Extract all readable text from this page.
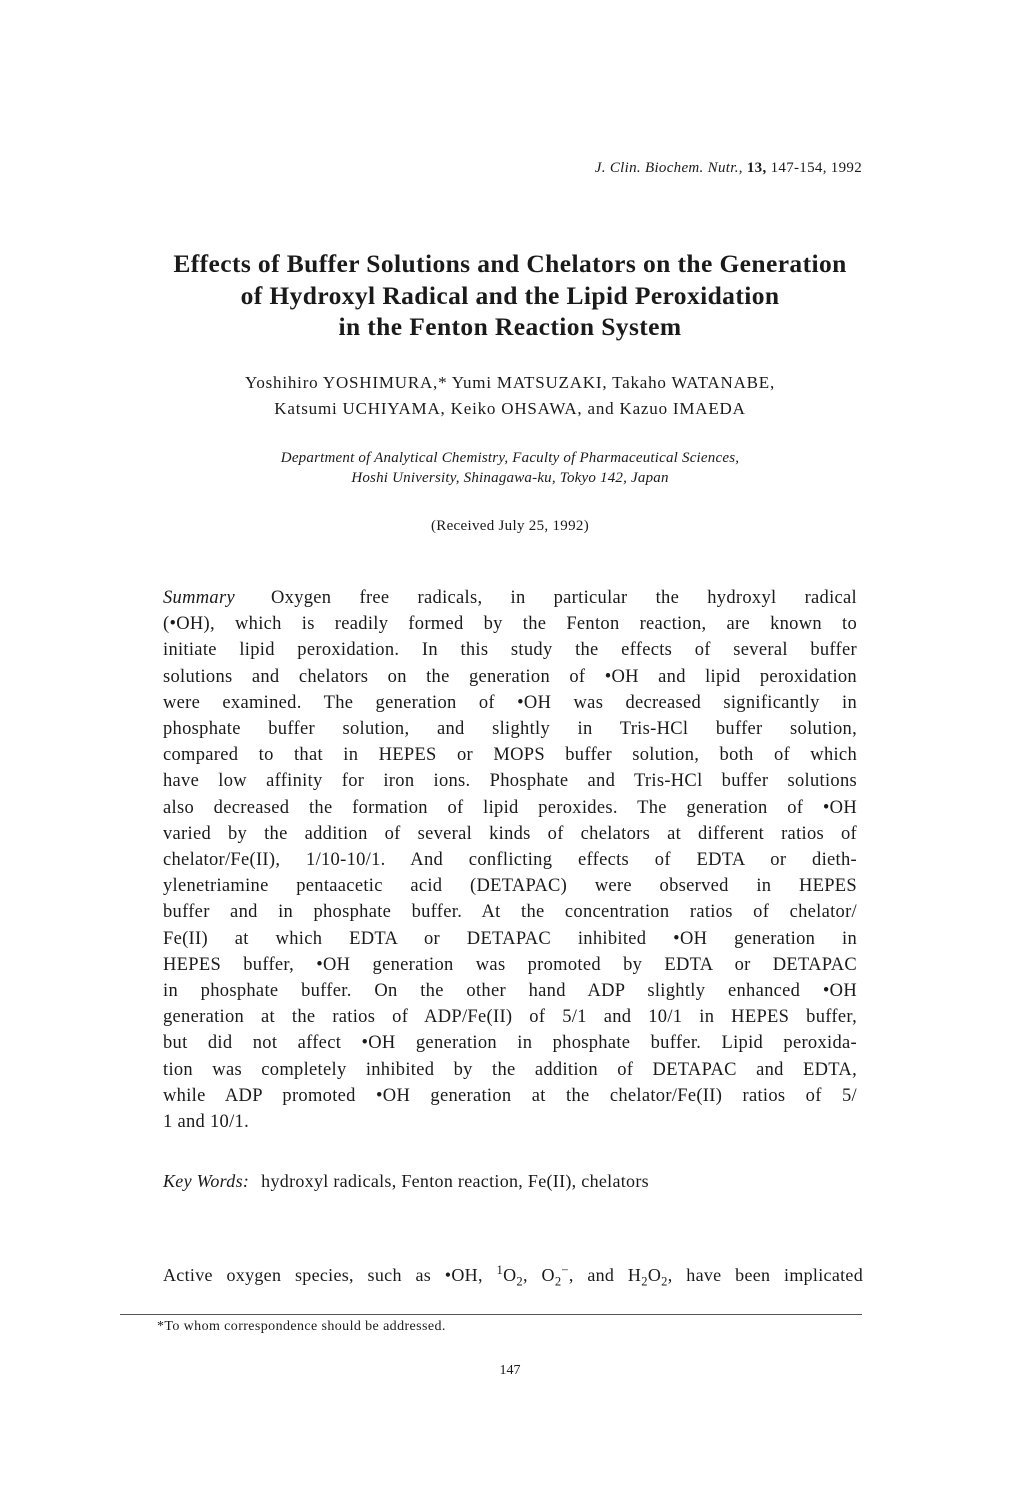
J. Clin. Biochem. Nutr., 13, 147-154, 1992
Effects of Buffer Solutions and Chelators on the Generation
of Hydroxyl Radical and the Lipid Peroxidation
in the Fenton Reaction System
Yoshihiro YOSHIMURA,* Yumi MATSUZAKI, Takaho WATANABE,
Katsumi UCHIYAMA, Keiko OHSAWA, and Kazuo IMAEDA
Department of Analytical Chemistry, Faculty of Pharmaceutical Sciences,
Hoshi University, Shinagawa-ku, Tokyo 142, Japan
(Received July 25, 1992)
Summary Oxygen free radicals, in particular the hydroxyl radical
(•OH), which is readily formed by the Fenton reaction, are known to
initiate lipid peroxidation. In this study the effects of several buffer
solutions and chelators on the generation of •OH and lipid peroxidation
were examined. The generation of •OH was decreased significantly in
phosphate buffer solution, and slightly in Tris-HCl buffer solution,
compared to that in HEPES or MOPS buffer solution, both of which
have low affinity for iron ions. Phosphate and Tris-HCl buffer solutions
also decreased the formation of lipid peroxides. The generation of •OH
varied by the addition of several kinds of chelators at different ratios of
chelator/Fe(II), 1/10-10/1. And conflicting effects of EDTA or dieth-
ylenetriamine pentaacetic acid (DETAPAC) were observed in HEPES
buffer and in phosphate buffer. At the concentration ratios of chelator/
Fe(II) at which EDTA or DETAPAC inhibited •OH generation in
HEPES buffer, •OH generation was promoted by EDTA or DETAPAC
in phosphate buffer. On the other hand ADP slightly enhanced •OH
generation at the ratios of ADP/Fe(II) of 5/1 and 10/1 in HEPES buffer,
but did not affect •OH generation in phosphate buffer. Lipid peroxida-
tion was completely inhibited by the addition of DETAPAC and EDTA,
while ADP promoted •OH generation at the chelator/Fe(II) ratios of 5/
1 and 10/1.
Key Words: hydroxyl radicals, Fenton reaction, Fe(II), chelators
Active oxygen species, such as •OH, $^1O_2$, $O_2^-$, and $H_2O_2$, have been implicated
*To whom correspondence should be addressed.
147
